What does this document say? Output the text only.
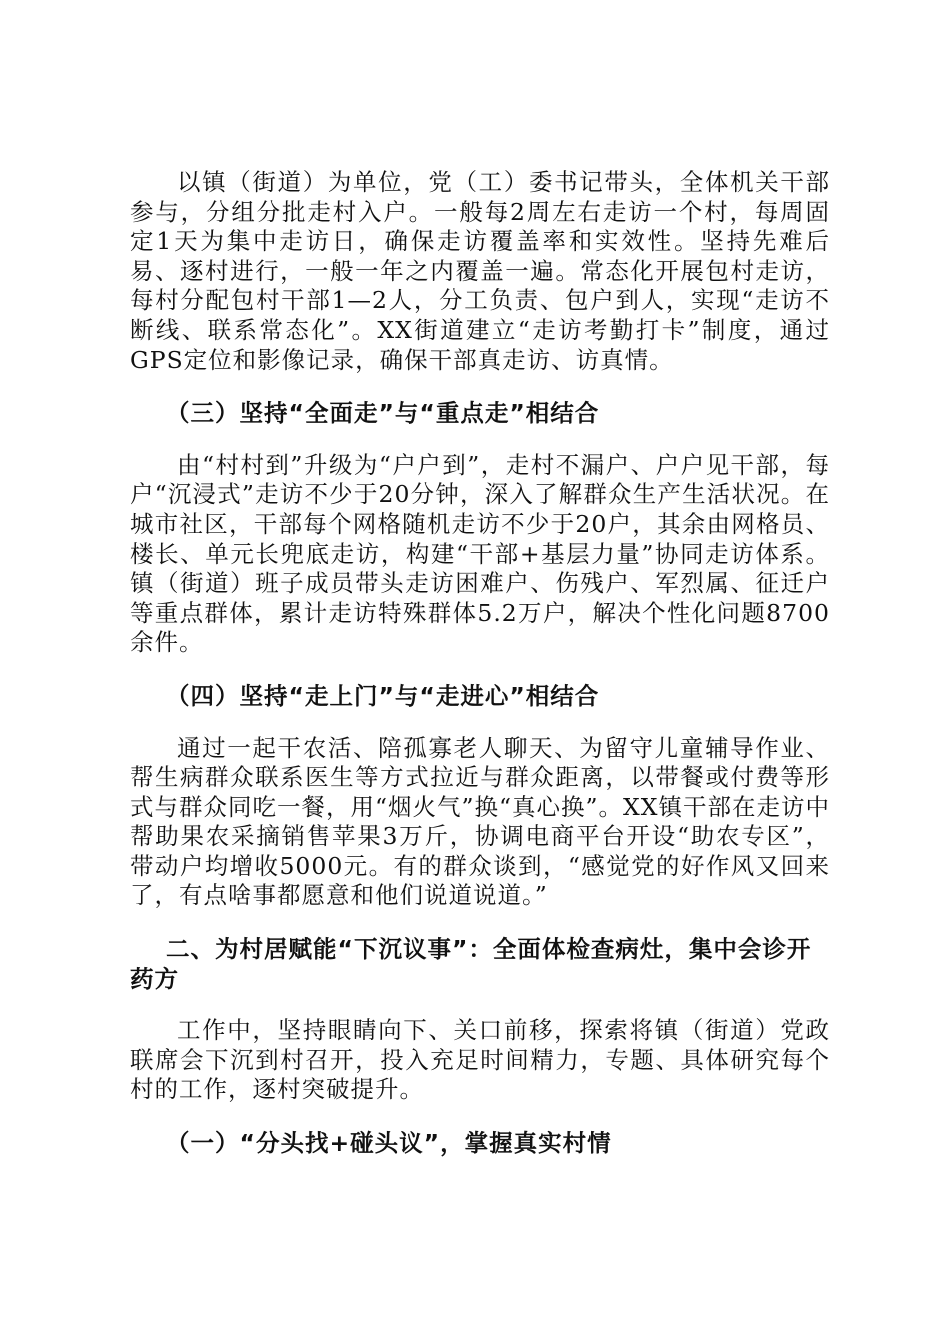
以镇（街道）为单位，党（工）委书记带头，全体机关干部参与，分组分批走村入户。一般每2周左右走访一个村，每周固定1天为集中走访日，确保走访覆盖率和实效性。坚持先难后易、逐村进行，一般一年之内覆盖一遍。常态化开展包村走访，每村分配包村干部1—2人，分工负责、包户到人，实现“走访不断线、联系常态化”。XX街道建立“走访考勤打卡”制度，通过GPS定位和影像记录，确保干部真走访、访真情。

（三）坚持“全面走”与“重点走”相结合

由“村村到”升级为“户户到”，走村不漏户、户户见干部，每户“沉浸式”走访不少于20分钟，深入了解群众生产生活状况。在城市社区，干部每个网格随机走访不少于20户，其余由网格员、楼长、单元长兜底走访，构建“干部+基层力量”协同走访体系。镇（街道）班子成员带头走访困难户、伤残户、军烈属、征迁户等重点群体，累计走访特殊群体5.2万户，解决个性化问题8700余件。

（四）坚持“走上门”与“走进心”相结合

通过一起干农活、陪孤寡老人聊天、为留守儿童辅导作业、帮生病群众联系医生等方式拉近与群众距离，以带餐或付费等形式与群众同吃一餐，用“烟火气”换“真心换”。XX镇干部在走访中帮助果农采摘销售苹果3万斤，协调电商平台开设“助农专区”，带动户均增收5000元。有的群众谈到，“感觉党的好作风又回来了，有点啥事都愿意和他们说道说道。”

二、为村居赋能“下沉议事”：全面体检查病灶，集中会诊开药方

工作中，坚持眼睛向下、关口前移，探索将镇（街道）党政联席会下沉到村召开，投入充足时间精力，专题、具体研究每个村的工作，逐村突破提升。

（一）“分头找+碰头议”，掌握真实村情
